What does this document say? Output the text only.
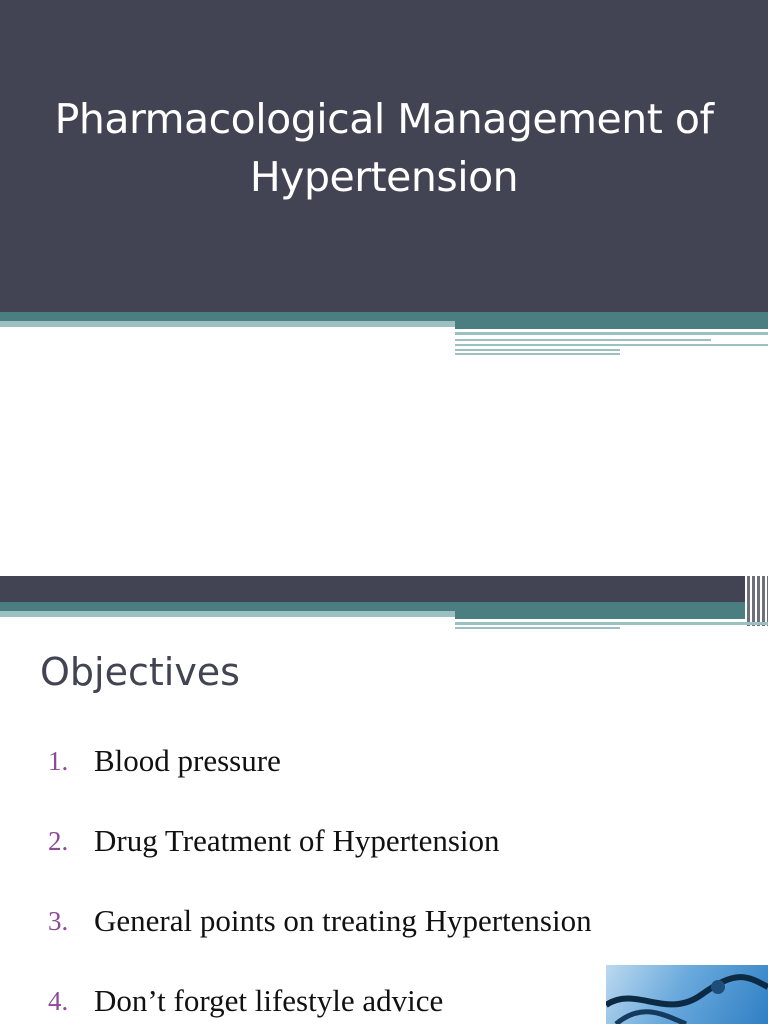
Pharmacological Management of
Hypertension
Objectives
1. Blood pressure
2. Drug Treatment of Hypertension
3. General points on treating Hypertension
4. Don’t forget lifestyle advice
